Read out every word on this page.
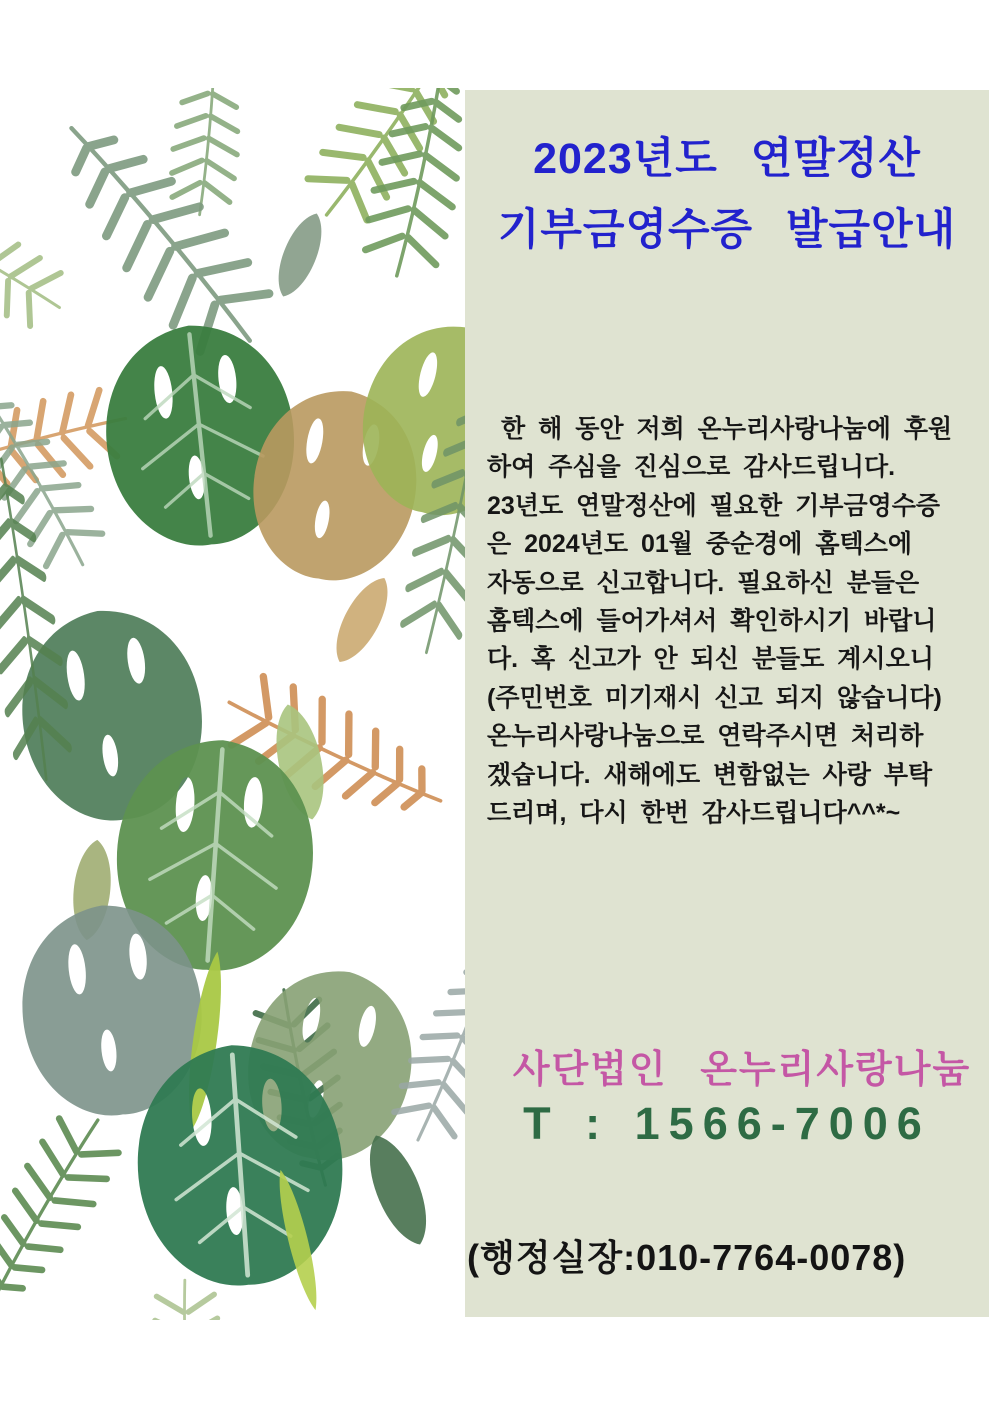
2023년도 연말정산
기부금영수증 발급안내
한 해 동안 저희 온누리사랑나눔에 후원
하여 주심을 진심으로 감사드립니다.
23년도 연말정산에 필요한 기부금영수증
은 2024년도 01월 중순경에 홈텍스에
자동으로 신고합니다. 필요하신 분들은
홈텍스에 들어가셔서 확인하시기 바랍니
다. 혹 신고가 안 되신 분들도 계시오니
(주민번호 미기재시 신고 되지 않습니다)
온누리사랑나눔으로 연락주시면 처리하
겠습니다. 새해에도 변함없는 사랑 부탁
드리며, 다시 한번 감사드립니다^^*~
사단법인 온누리사랑나눔
T : 1566-7006
(행정실장:010-7764-0078)
